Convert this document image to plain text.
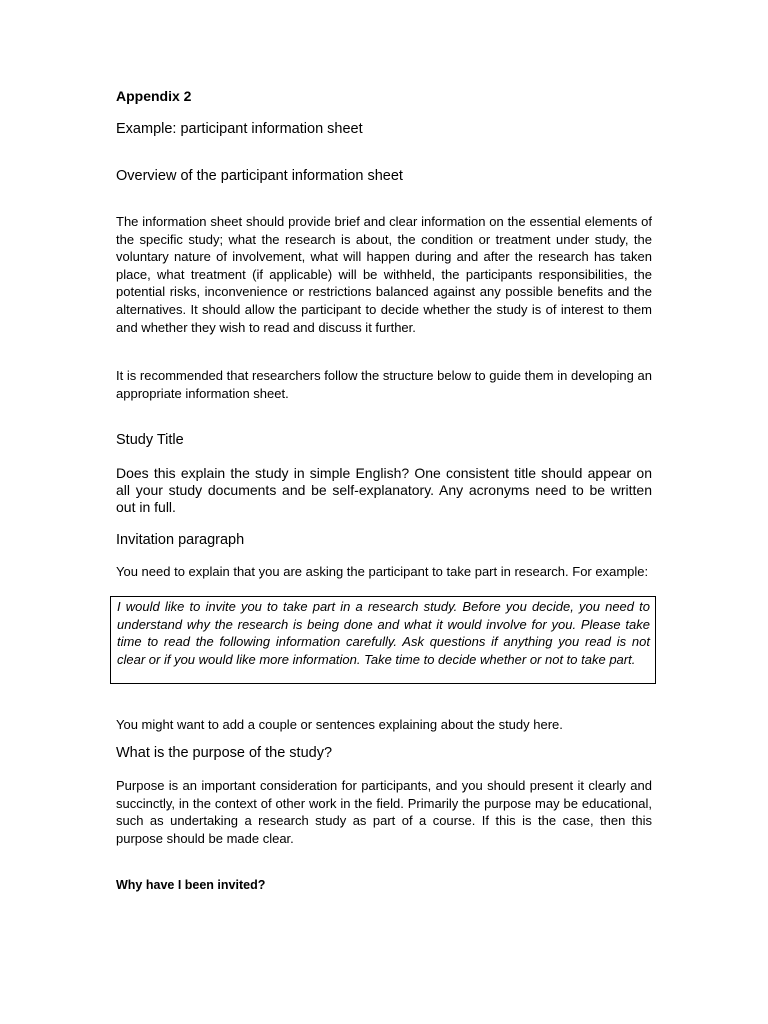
Appendix 2
Example: participant information sheet
Overview of the participant information sheet

The information sheet should provide brief and clear information on the essential elements of the specific study; what the research is about, the condition or treatment under study, the voluntary nature of involvement, what will happen during and after the research has taken place, what treatment (if applicable) will be withheld, the participants responsibilities, the potential risks, inconvenience or restrictions balanced against any possible benefits and the alternatives. It should allow the participant to decide whether the study is of interest to them and whether they wish to read and discuss it further.

It is recommended that researchers follow the structure below to guide them in developing an appropriate information sheet.

Study Title

Does this explain the study in simple English? One consistent title should appear on all your study documents and be self-explanatory. Any acronyms need to be written out in full.

Invitation paragraph

You need to explain that you are asking the participant to take part in research. For example:

I would like to invite you to take part in a research study. Before you decide, you need to understand why the research is being done and what it would involve for you. Please take time to read the following information carefully. Ask questions if anything you read is not clear or if you would like more information. Take time to decide whether or not to take part.

You might want to add a couple or sentences explaining about the study here.

What is the purpose of the study?

Purpose is an important consideration for participants, and you should present it clearly and succinctly, in the context of other work in the field. Primarily the purpose may be educational, such as undertaking a research study as part of a course. If this is the case, then this purpose should be made clear.

Why have I been invited?
